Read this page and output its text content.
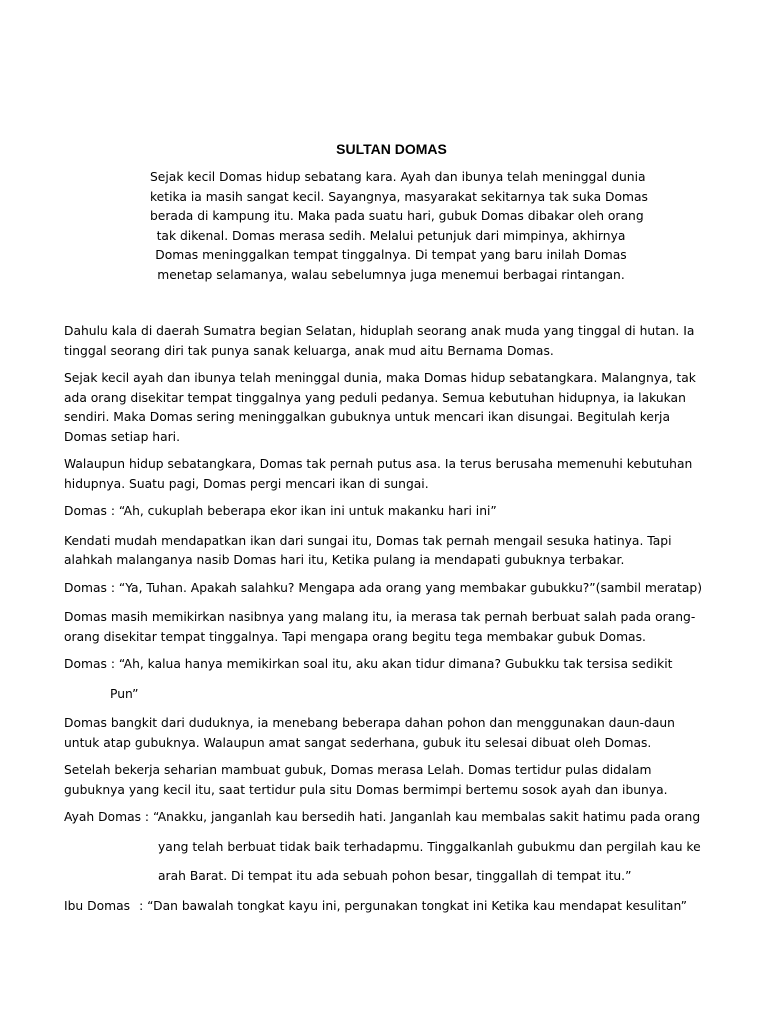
SULTAN DOMAS
Sejak kecil Domas hidup sebatang kara. Ayah dan ibunya telah meninggal dunia
ketika ia masih sangat kecil. Sayangnya, masyarakat sekitarnya tak suka Domas
berada di kampung itu. Maka pada suatu hari, gubuk Domas dibakar oleh orang
tak dikenal. Domas merasa sedih. Melalui petunjuk dari mimpinya, akhirnya
Domas meninggalkan tempat tinggalnya. Di tempat yang baru inilah Domas
menetap selamanya, walau sebelumnya juga menemui berbagai rintangan.
Dahulu kala di daerah Sumatra begian Selatan, hiduplah seorang anak muda yang tinggal di hutan. Ia
tinggal seorang diri tak punya sanak keluarga, anak mud aitu Bernama Domas.
Sejak kecil ayah dan ibunya telah meninggal dunia, maka Domas hidup sebatangkara. Malangnya, tak
ada orang disekitar tempat tinggalnya yang peduli pedanya. Semua kebutuhan hidupnya, ia lakukan
sendiri. Maka Domas sering meninggalkan gubuknya untuk mencari ikan disungai. Begitulah kerja
Domas setiap hari.
Walaupun hidup sebatangkara, Domas tak pernah putus asa. Ia terus berusaha memenuhi kebutuhan
hidupnya. Suatu pagi, Domas pergi mencari ikan di sungai.
Domas : “Ah, cukuplah beberapa ekor ikan ini untuk makanku hari ini”
Kendati mudah mendapatkan ikan dari sungai itu, Domas tak pernah mengail sesuka hatinya. Tapi
alahkah malanganya nasib Domas hari itu, Ketika pulang ia mendapati gubuknya terbakar.
Domas : “Ya, Tuhan. Apakah salahku? Mengapa ada orang yang membakar gubukku?”(sambil meratap)
Domas masih memikirkan nasibnya yang malang itu, ia merasa tak pernah berbuat salah pada orang-
orang disekitar tempat tinggalnya. Tapi mengapa orang begitu tega membakar gubuk Domas.
Domas : “Ah, kalua hanya memikirkan soal itu, aku akan tidur dimana? Gubukku tak tersisa sedikit
Pun”
Domas bangkit dari duduknya, ia menebang beberapa dahan pohon dan menggunakan daun-daun
untuk atap gubuknya. Walaupun amat sangat sederhana, gubuk itu selesai dibuat oleh Domas.
Setelah bekerja seharian mambuat gubuk, Domas merasa Lelah. Domas tertidur pulas didalam
gubuknya yang kecil itu, saat tertidur pula situ Domas bermimpi bertemu sosok ayah dan ibunya.
Ayah Domas : “Anakku, janganlah kau bersedih hati. Janganlah kau membalas sakit hatimu pada orang
yang telah berbuat tidak baik terhadapmu. Tinggalkanlah gubukmu dan pergilah kau ke
arah Barat. Di tempat itu ada sebuah pohon besar, tinggallah di tempat itu.”
Ibu Domas : “Dan bawalah tongkat kayu ini, pergunakan tongkat ini Ketika kau mendapat kesulitan”
